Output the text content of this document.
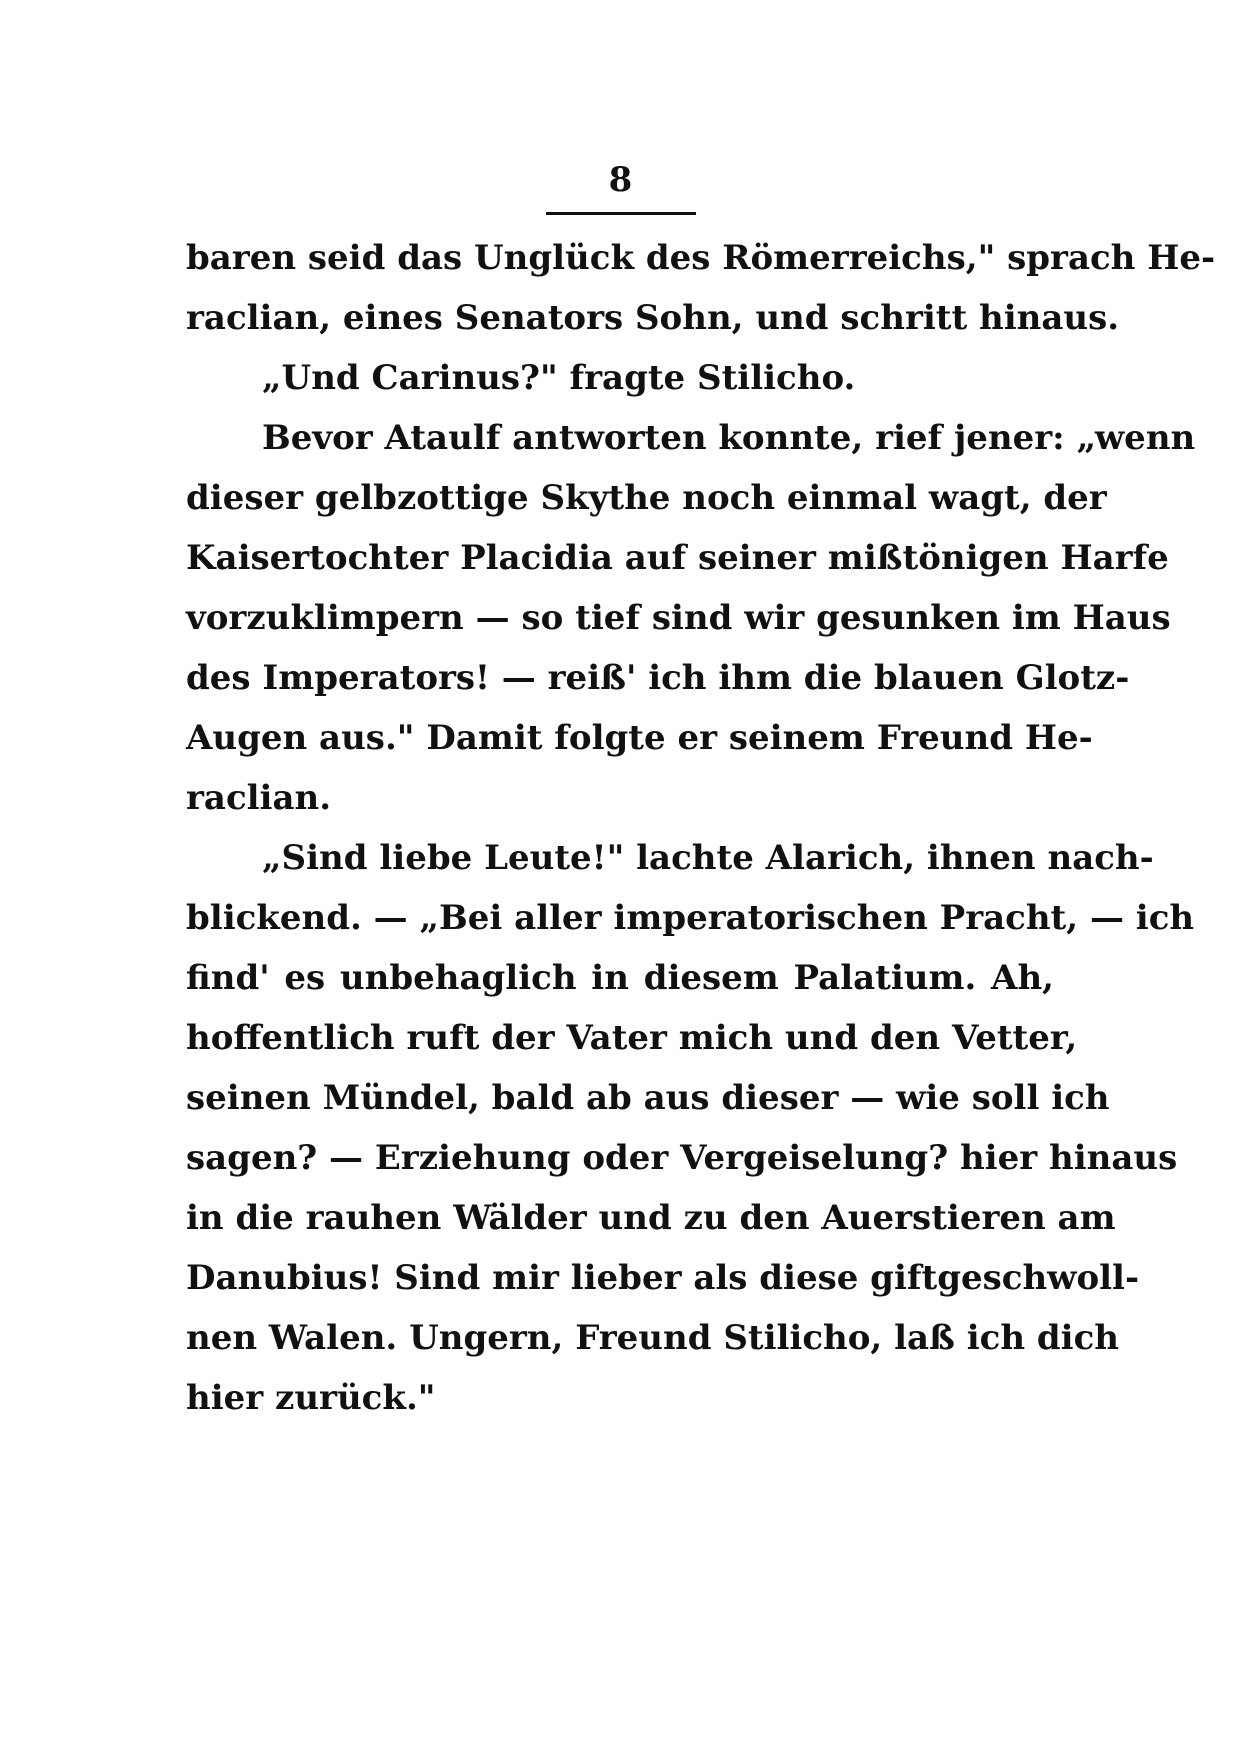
8
baren seid das Unglück des Römerreichs," sprach He-
raclian, eines Senators Sohn, und schritt hinaus.
„Und Carinus?" fragte Stilicho.
Bevor Ataulf antworten konnte, rief jener: „wenn
dieser gelbzottige Skythe noch einmal wagt, der
Kaisertochter Placidia auf seiner mißtönigen Harfe
vorzuklimpern — so tief sind wir gesunken im Haus
des Imperators! — reiß' ich ihm die blauen Glotz-
Augen aus." Damit folgte er seinem Freund He-
raclian.
„Sind liebe Leute!" lachte Alarich, ihnen nach-
blickend. — „Bei aller imperatorischen Pracht, — ich
find' es unbehaglich in diesem Palatium. Ah,
hoffentlich ruft der Vater mich und den Vetter,
seinen Mündel, bald ab aus dieser — wie soll ich
sagen? — Erziehung oder Vergeiselung? hier hinaus
in die rauhen Wälder und zu den Auerstieren am
Danubius! Sind mir lieber als diese giftgeschwoll-
nen Walen. Ungern, Freund Stilicho, laß ich dich
hier zurück."
